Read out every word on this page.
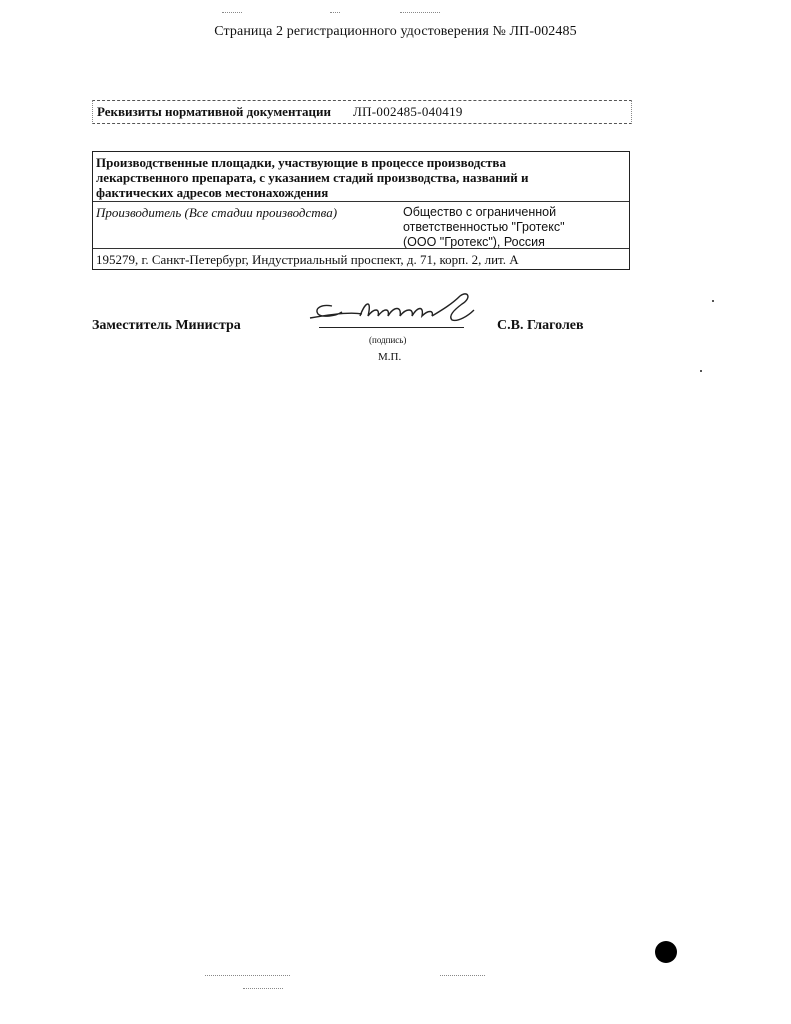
Страница 2 регистрационного удостоверения № ЛП-002485
Реквизиты нормативной документации ЛП-002485-040419
Производственные площадки, участвующие в процессе производства лекарственного препарата, с указанием стадий производства, названий и фактических адресов местонахождения
Производитель (Все стадии производства)	Общество с ограниченной
ответственностью "Гротекс"
(ООО "Гротекс"), Россия
195279, г. Санкт-Петербург, Индустриальный проспект, д. 71, корп. 2, лит. А
Заместитель Министра
(подпись)
С.В. Глаголев
М.П.
